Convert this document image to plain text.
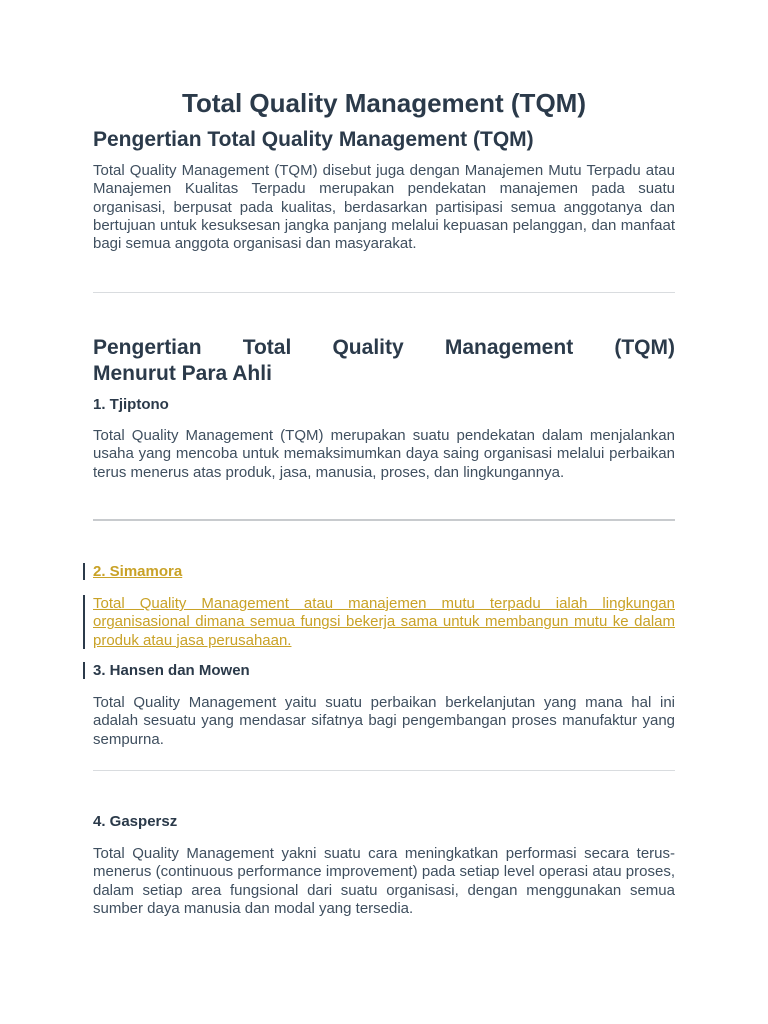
Total Quality Management (TQM)
Pengertian Total Quality Management (TQM)

Total Quality Management (TQM) disebut juga dengan Manajemen Mutu Terpadu atau Manajemen Kualitas Terpadu merupakan pendekatan manajemen pada suatu organisasi, berpusat pada kualitas, berdasarkan partisipasi semua anggotanya dan bertujuan untuk kesuksesan jangka panjang melalui kepuasan pelanggan, dan manfaat bagi semua anggota organisasi dan masyarakat.

Pengertian Total Quality Management (TQM)
Menurut Para Ahli
1. Tjiptono

Total Quality Management (TQM) merupakan suatu pendekatan dalam menjalankan usaha yang mencoba untuk memaksimumkan daya saing organisasi melalui perbaikan terus menerus atas produk, jasa, manusia, proses, dan lingkungannya.

2. Simamora

Total Quality Management atau manajemen mutu terpadu ialah lingkungan organisasional dimana semua fungsi bekerja sama untuk membangun mutu ke dalam produk atau jasa perusahaan.

3. Hansen dan Mowen

Total Quality Management yaitu suatu perbaikan berkelanjutan yang mana hal ini adalah sesuatu yang mendasar sifatnya bagi pengembangan proses manufaktur yang sempurna.

4. Gaspersz

Total Quality Management yakni suatu cara meningkatkan performasi secara terus-menerus (continuous performance improvement) pada setiap level operasi atau proses, dalam setiap area fungsional dari suatu organisasi, dengan menggunakan semua sumber daya manusia dan modal yang tersedia.
